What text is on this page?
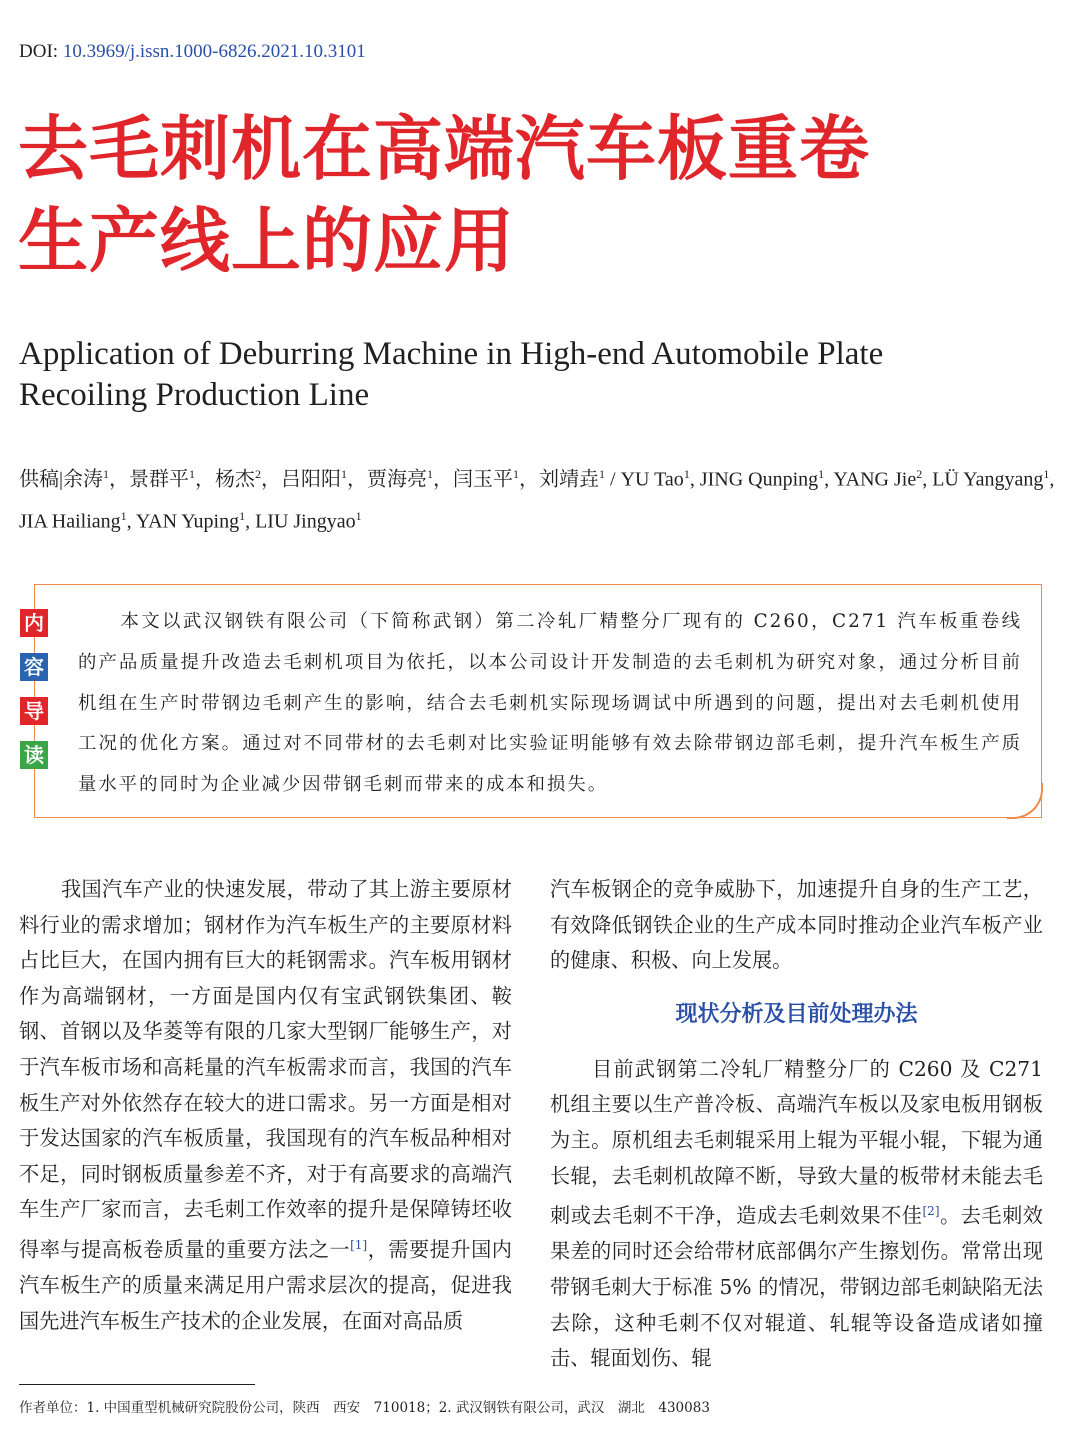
DOI: 10.3969/j.issn.1000-6826.2021.10.3101
去毛刺机在高端汽车板重卷
生产线上的应用
Application of Deburring Machine in High-end Automobile Plate
Recoiling Production Line
供稿|余涛$^1$，景群平$^1$，杨杰$^2$，吕阳阳$^1$，贾海亮$^1$，闫玉平$^1$，刘靖垚$^1$ / YU Tao$^1$, JING Qunping$^1$, YANG Jie$^2$, LÜ Yangyang$^1$, JIA Hailiang$^1$, YAN Yuping$^1$, LIU Jingyao$^1$
内
容
导
读
本文以武汉钢铁有限公司（下简称武钢）第二冷轧厂精整分厂现有的 C260，C271 汽车板重卷线的产品质量提升改造去毛刺机项目为依托，以本公司设计开发制造的去毛刺机为研究对象，通过分析目前机组在生产时带钢边毛刺产生的影响，结合去毛刺机实际现场调试中所遇到的问题，提出对去毛刺机使用工况的优化方案。通过对不同带材的去毛刺对比实验证明能够有效去除带钢边部毛刺，提升汽车板生产质量水平的同时为企业减少因带钢毛刺而带来的成本和损失。

我国汽车产业的快速发展，带动了其上游主要原材料行业的需求增加；钢材作为汽车板生产的主要原材料占比巨大，在国内拥有巨大的耗钢需求。汽车板用钢材作为高端钢材，一方面是国内仅有宝武钢铁集团、鞍钢、首钢以及华菱等有限的几家大型钢厂能够生产，对于汽车板市场和高耗量的汽车板需求而言，我国的汽车板生产对外依然存在较大的进口需求。另一方面是相对于发达国家的汽车板质量，我国现有的汽车板品种相对不足，同时钢板质量参差不齐，对于有高要求的高端汽车生产厂家而言，去毛刺工作效率的提升是保障铸坯收得率与提高板卷质量的重要方法之一[1]，需要提升国内汽车板生产的质量来满足用户需求层次的提高，促进我国先进汽车板生产技术的企业发展，在面对高品质

汽车板钢企的竞争威胁下，加速提升自身的生产工艺，有效降低钢铁企业的生产成本同时推动企业汽车板产业的健康、积极、向上发展。

现状分析及目前处理办法

目前武钢第二冷轧厂精整分厂的 C260 及 C271 机组主要以生产普冷板、高端汽车板以及家电板用钢板为主。原机组去毛刺辊采用上辊为平辊小辊，下辊为通长辊，去毛刺机故障不断，导致大量的板带材未能去毛刺或去毛刺不干净，造成去毛刺效果不佳[2]。去毛刺效果差的同时还会给带材底部偶尔产生擦划伤。常常出现带钢毛刺大于标准 5% 的情况，带钢边部毛刺缺陷无法去除，这种毛刺不仅对辊道、轧辊等设备造成诸如撞击、辊面划伤、辊

作者单位：1. 中国重型机械研究院股份公司，陕西　西安　710018；2. 武汉钢铁有限公司，武汉　湖北　430083
